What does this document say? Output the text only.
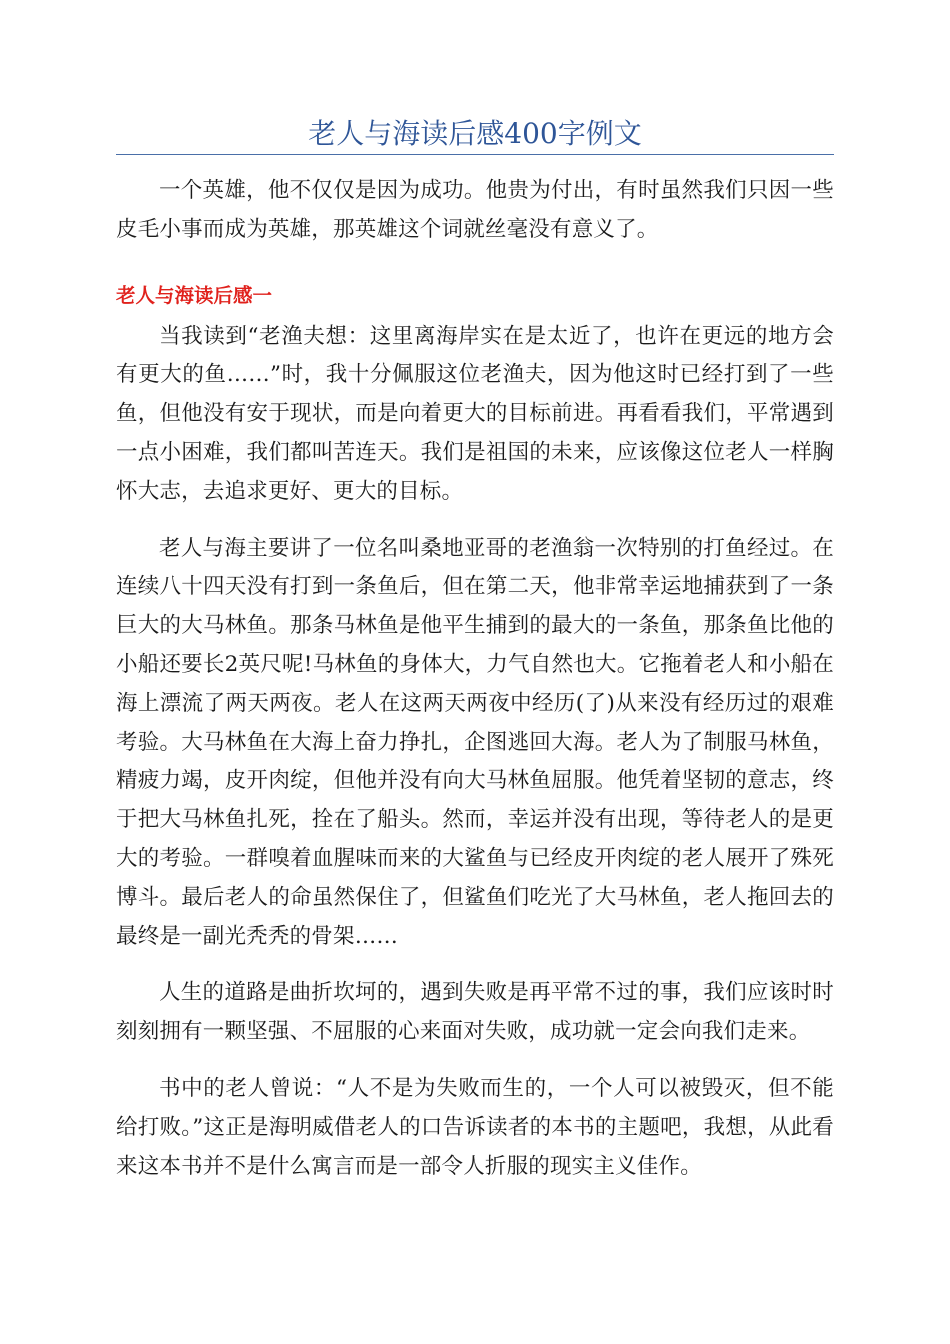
老人与海读后感400字例文

一个英雄，他不仅仅是因为成功。他贵为付出，有时虽然我们只因一些皮毛小事而成为英雄，那英雄这个词就丝毫没有意义了。

老人与海读后感一

当我读到“老渔夫想：这里离海岸实在是太近了，也许在更远的地方会有更大的鱼……”时，我十分佩服这位老渔夫，因为他这时已经打到了一些鱼，但他没有安于现状，而是向着更大的目标前进。再看看我们，平常遇到一点小困难，我们都叫苦连天。我们是祖国的未来，应该像这位老人一样胸怀大志，去追求更好、更大的目标。

老人与海主要讲了一位名叫桑地亚哥的老渔翁一次特别的打鱼经过。在连续八十四天没有打到一条鱼后，但在第二天，他非常幸运地捕获到了一条巨大的大马林鱼。那条马林鱼是他平生捕到的最大的一条鱼，那条鱼比他的小船还要长2英尺呢!马林鱼的身体大，力气自然也大。它拖着老人和小船在海上漂流了两天两夜。老人在这两天两夜中经历(了)从来没有经历过的艰难考验。大马林鱼在大海上奋力挣扎，企图逃回大海。老人为了制服马林鱼，精疲力竭，皮开肉绽，但他并没有向大马林鱼屈服。他凭着坚韧的意志，终于把大马林鱼扎死，拴在了船头。然而，幸运并没有出现，等待老人的是更大的考验。一群嗅着血腥味而来的大鲨鱼与已经皮开肉绽的老人展开了殊死博斗。最后老人的命虽然保住了，但鲨鱼们吃光了大马林鱼，老人拖回去的最终是一副光秃秃的骨架……

人生的道路是曲折坎坷的，遇到失败是再平常不过的事，我们应该时时刻刻拥有一颗坚强、不屈服的心来面对失败，成功就一定会向我们走来。

书中的老人曾说：“人不是为失败而生的，一个人可以被毁灭，但不能给打败。”这正是海明威借老人的口告诉读者的本书的主题吧，我想，从此看来这本书并不是什么寓言而是一部令人折服的现实主义佳作。
